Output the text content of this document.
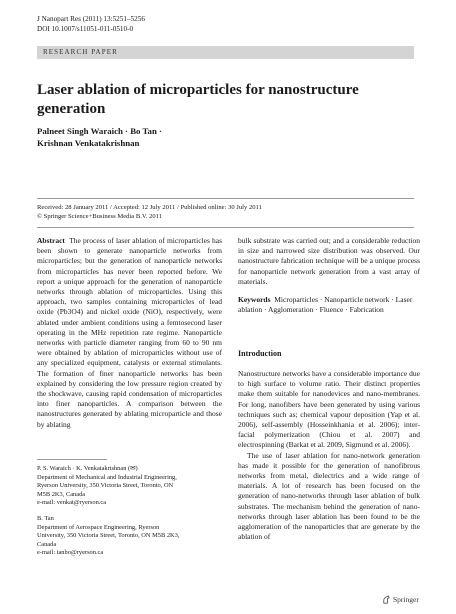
J Nanopart Res (2011) 13:5251–5256
DOI 10.1007/s11051-011-0510-0
RESEARCH PAPER
Laser ablation of microparticles for nanostructure generation
Palneet Singh Waraich · Bo Tan ·
Krishnan Venkatakrishnan
Received: 28 January 2011 / Accepted: 12 July 2011 / Published online: 30 July 2011
© Springer Science+Business Media B.V. 2011
Abstract The process of laser ablation of microparticles has been shown to generate nanoparticle networks from microparticles; but the generation of nanoparticle networks from microparticles has never been reported before. We report a unique approach for the generation of nanoparticle networks through ablation of microparticles. Using this approach, two samples containing microparticles of lead oxide (Pb3O4) and nickel oxide (NiO), respectively, were ablated under ambient conditions using a femtosecond laser operating in the MHz repetition rate regime. Nanoparticle networks with particle diameter ranging from 60 to 90 nm were obtained by ablation of microparticles without use of any specialized equipment, catalysts or external stimulants. The formation of finer nanoparticle networks has been explained by considering the low pressure region created by the shockwave, causing rapid condensation of microparticles into finer nanoparticles. A comparison between the nanostructures generated by ablating microparticle and those by ablating
P. S. Waraich · K. Venkatakrishnan (✉)
Department of Mechanical and Industrial Engineering,
Ryerson University, 350 Victoria Street, Toronto, ON
M5B 2K3, Canada
e-mail: venkat@ryerson.ca
B. Tan
Department of Aerospace Engineering, Ryerson
University, 350 Victoria Street, Toronto, ON M5B 2K3,
Canada
e-mail: tanbo@ryerson.ca
bulk substrate was carried out; and a considerable reduction in size and narrowed size distribution was observed. Our nanostructure fabrication technique will be a unique process for nanoparticle network generation from a vast array of materials.
Keywords Microparticles · Nanoparticle network · Laser ablation · Agglomeration · Fluence · Fabrication
Introduction

Nanostructure networks have a considerable importance due to high surface to volume ratio. Their distinct properties make them suitable for nanodevices and nano-membranes. For long, nanofibers have been generated by using various techniques such as; chemical vapour deposition (Yap et al. 2006), self-assembly (Hosseinkhania et al. 2006); inter-facial polymerization (Chiou et al. 2007) and electrospinning (Barkat et al. 2009, Sigmund et al. 2006).

The use of laser ablation for nano-network generation has made it possible for the generation of nanofibrous networks from metal, dielectrics and a wide range of materials. A lot of research has been focused on the generation of nano-networks through laser ablation of bulk substrates. The mechanism behind the generation of nano-networks through laser ablation has been found to be the agglomeration of the nanoparticles that are generate by the ablation of

Springer
